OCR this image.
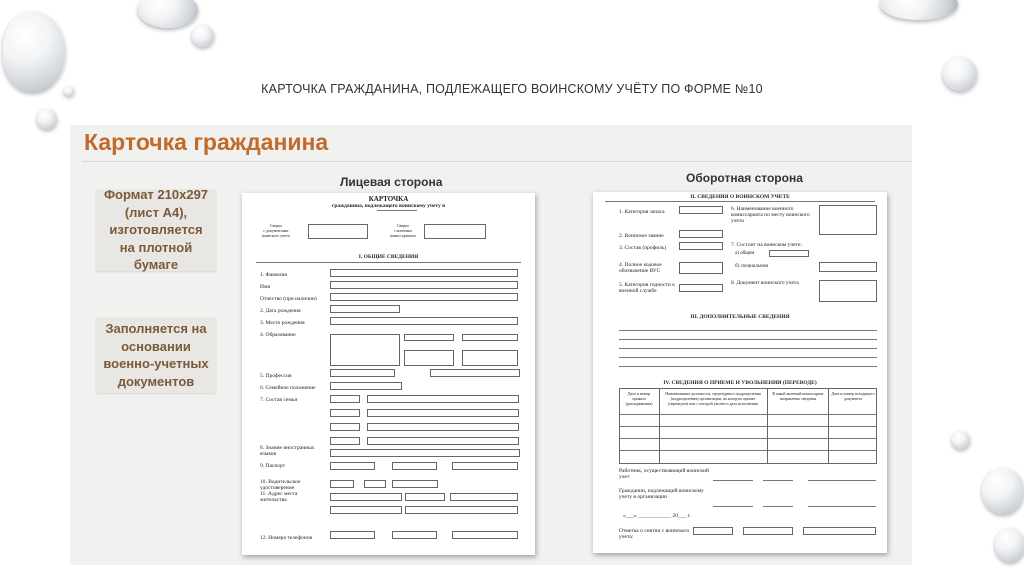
КАРТОЧКА ГРАЖДАНИНА, ПОДЛЕЖАЩЕГО ВОИНСКОМУ УЧЁТУ ПО ФОРМЕ №10
Карточка гражданина
Формат 210х297
(лист А4),
изготовляется
на плотной бумаге
Заполняется на
основании
военно-учетных
документов
Лицевая сторона	Оборотная сторона
КАРТОЧКА
гражданина, подлежащего воинскому учету в
Сверка
с документами
воинского учета
Сверка
с военным
комиссариатом
I. ОБЩИЕ СВЕДЕНИЯ
1. Фамилия
Имя
Отчество (при наличии)
2. Дата рождения
3. Место рождения
4. Образование
5. Профессия
6. Семейное положение
7. Состав семьи
8. Знание иностранных языков
9. Паспорт
10. Водительское удостоверение
11. Адрес места жительства
12. Номера телефонов
II. СВЕДЕНИЯ О ВОИНСКОМ УЧЕТЕ
1. Категория запаса
2. Воинское звание
3. Состав (профиль)
4. Полное кодовое обозначение ВУС
5. Категория годности к военной службе
6. Наименование военного комиссариата по месту воинского учета
7. Состоит на воинском учете:
а) общем
б) специальном
8. Документ воинского учета
III. ДОПОЛНИТЕЛЬНЫЕ СВЕДЕНИЯ
IV. СВЕДЕНИЯ О ПРИЕМЕ И УВОЛЬНЕНИИ (ПЕРЕВОДЕ)
Дата и номер приказа (распоряжения)
Наименование должности, структурного подразделения (подразделения) организации, на которую принят (переведен) или с которой уволен и дата исполнения
В какой военный комиссариат направлены сведения
Дата и номер исходящего документа
Работник, осуществляющий воинский учет
Гражданин, подлежащий воинскому учету в организации
«___» ____________ 20___ г.
Отметка о снятии с воинского учета:
